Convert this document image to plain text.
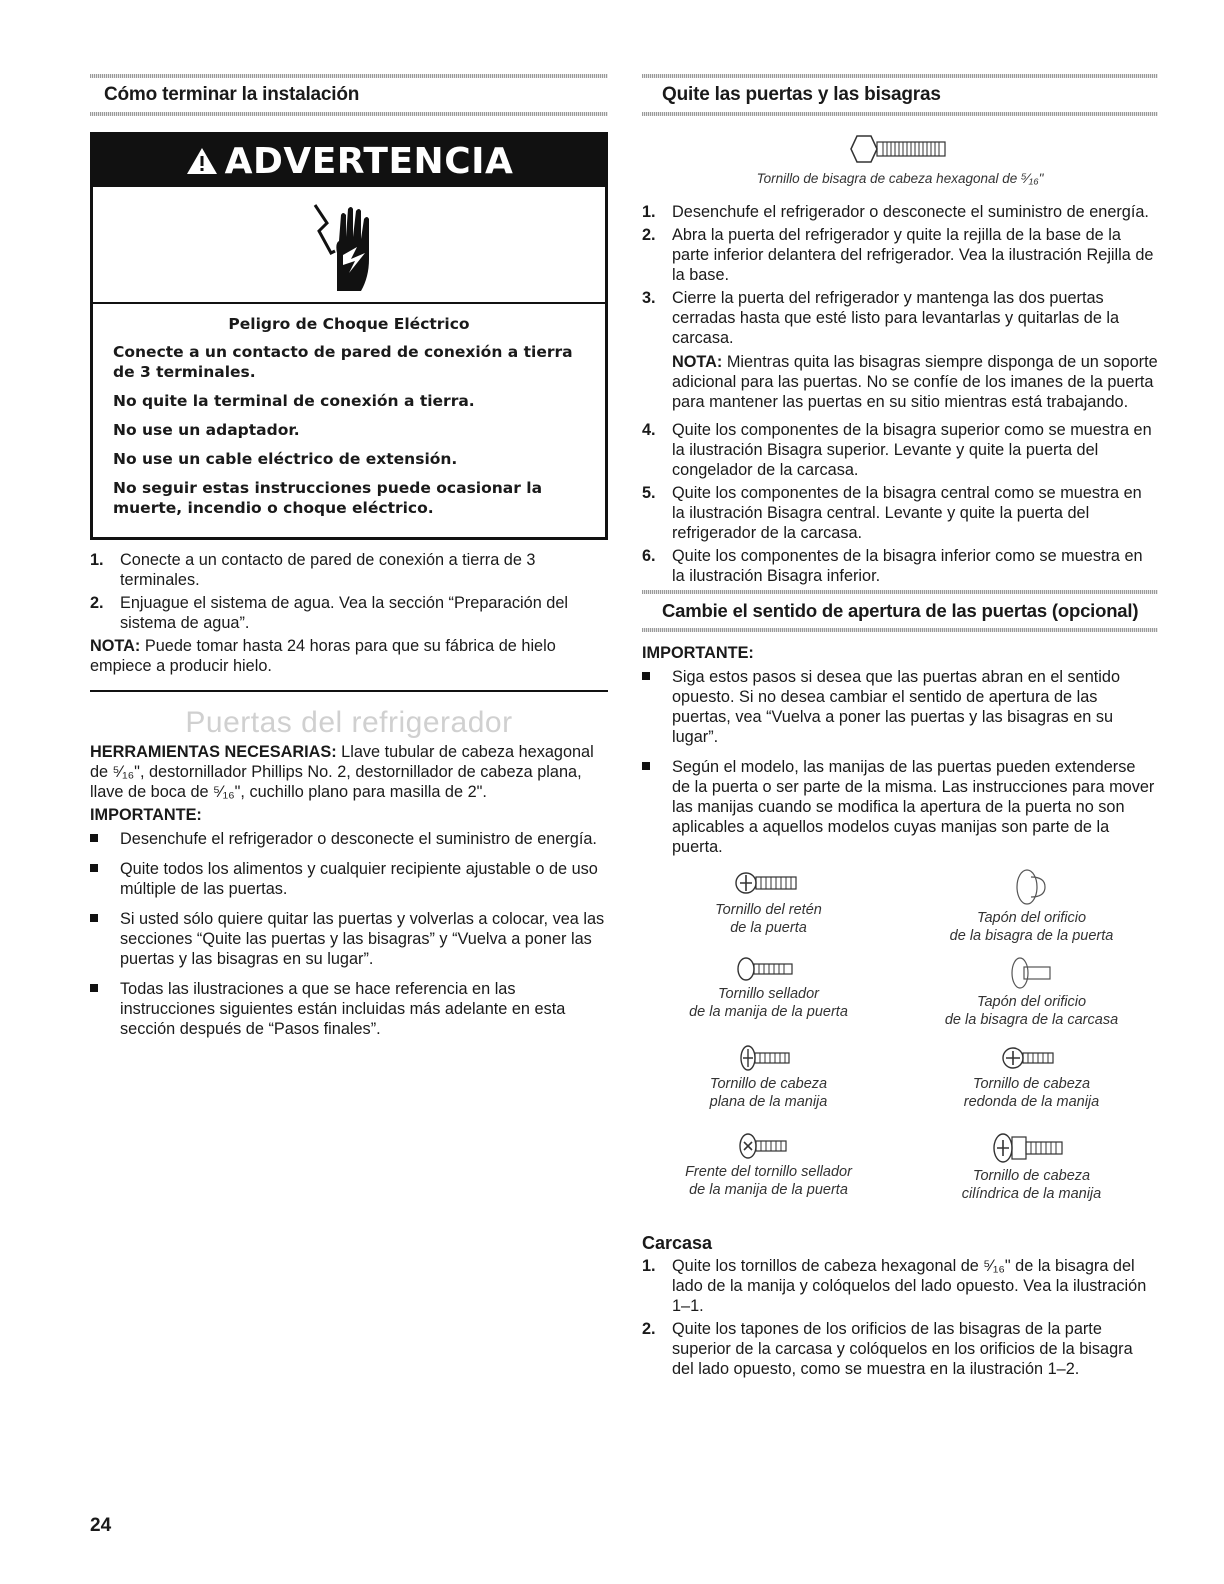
Cómo terminar la instalación
ADVERTENCIA

Peligro de Choque Eléctrico

Conecte a un contacto de pared de conexión a tierra de 3 terminales.

No quite la terminal de conexión a tierra.

No use un adaptador.

No use un cable eléctrico de extensión.

No seguir estas instrucciones puede ocasionar la muerte, incendio o choque eléctrico.

1.	Conecte a un contacto de pared de conexión a tierra de 3 terminales.
2.	Enjuague el sistema de agua. Vea la sección “Preparación del sistema de agua”.

NOTA: Puede tomar hasta 24 horas para que su fábrica de hielo empiece a producir hielo.

Puertas del refrigerador

HERRAMIENTAS NECESARIAS: Llave tubular de cabeza hexagonal de ⁵⁄₁₆", destornillador Phillips No. 2, destornillador de cabeza plana, llave de boca de ⁵⁄₁₆", cuchillo plano para masilla de 2".

IMPORTANTE:
Desenchufe el refrigerador o desconecte el suministro de energía.
Quite todos los alimentos y cualquier recipiente ajustable o de uso múltiple de las puertas.
Si usted sólo quiere quitar las puertas y volverlas a colocar, vea las secciones “Quite las puertas y las bisagras” y “Vuelva a poner las puertas y las bisagras en su lugar”.
Todas las ilustraciones a que se hace referencia en las instrucciones siguientes están incluidas más adelante en esta sección después de “Pasos finales”.
Quite las puertas y las bisagras
Tornillo de bisagra de cabeza hexagonal de ⁵⁄₁₆"
1.	Desenchufe el refrigerador o desconecte el suministro de energía.
2.	Abra la puerta del refrigerador y quite la rejilla de la base de la parte inferior delantera del refrigerador. Vea la ilustración Rejilla de la base.
3.	Cierre la puerta del refrigerador y mantenga las dos puertas cerradas hasta que esté listo para levantarlas y quitarlas de la carcasa.

NOTA: Mientras quita las bisagras siempre disponga de un soporte adicional para las puertas. No se confíe de los imanes de la puerta para mantener las puertas en su sitio mientras está trabajando.

4.	Quite los componentes de la bisagra superior como se muestra en la ilustración Bisagra superior. Levante y quite la puerta del congelador de la carcasa.
5.	Quite los componentes de la bisagra central como se muestra en la ilustración Bisagra central. Levante y quite la puerta del refrigerador de la carcasa.
6.	Quite los componentes de la bisagra inferior como se muestra en la ilustración Bisagra inferior.
Cambie el sentido de apertura de las puertas (opcional)
IMPORTANTE:
Siga estos pasos si desea que las puertas abran en el sentido opuesto. Si no desea cambiar el sentido de apertura de las puertas, vea “Vuelva a poner las puertas y las bisagras en su lugar”.
Según el modelo, las manijas de las puertas pueden extenderse de la puerta o ser parte de la misma. Las instrucciones para mover las manijas cuando se modifica la apertura de la puerta no son aplicables a aquellos modelos cuyas manijas son parte de la puerta.
Tornillo del retén
de la puerta
Tapón del orificio
de la bisagra de la puerta
Tornillo sellador
de la manija de la puerta
Tapón del orificio
de la bisagra de la carcasa
Tornillo de cabeza
plana de la manija
Tornillo de cabeza
redonda de la manija
Frente del tornillo sellador
de la manija de la puerta
Tornillo de cabeza
cilíndrica de la manija
Carcasa
1.	Quite los tornillos de cabeza hexagonal de ⁵⁄₁₆" de la bisagra del lado de la manija y colóquelos del lado opuesto. Vea la ilustración 1–1.
2.	Quite los tapones de los orificios de las bisagras de la parte superior de la carcasa y colóquelos en los orificios de la bisagra del lado opuesto, como se muestra en la ilustración 1–2.
24
